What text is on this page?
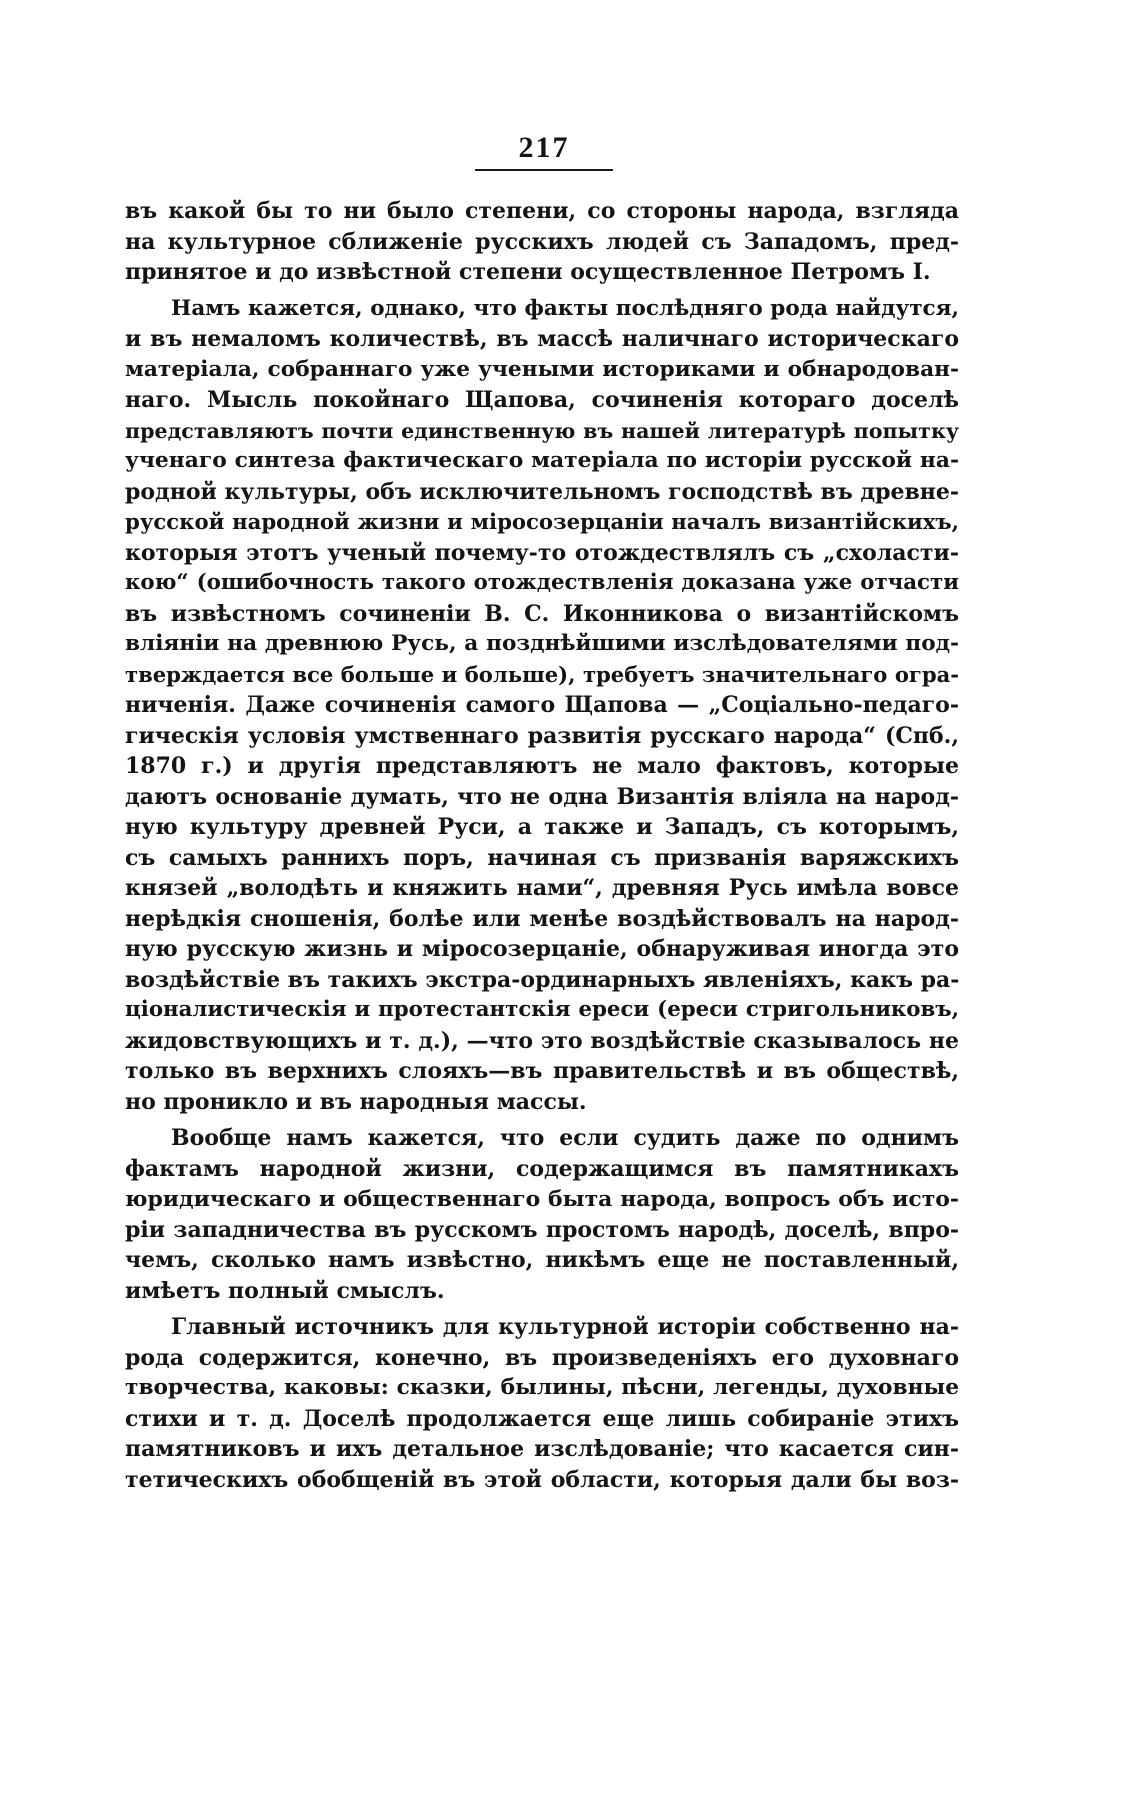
217
въ какой бы то ни было степени, со стороны народа, взгляда
на культурное сближеніе русскихъ людей съ Западомъ, пред-
принятое и до извѣстной степени осуществленное Петромъ I.
Намъ кажется, однако, что факты послѣдняго рода найдутся,
и въ немаломъ количествѣ, въ массѣ наличнаго историческаго
матеріала, собраннаго уже учеными историками и обнародован-
наго. Мысль покойнаго Щапова, сочиненія котораго доселѣ
представляютъ почти единственную въ нашей литературѣ попытку
ученаго синтеза фактическаго матеріала по исторіи русской на-
родной культуры, объ исключительномъ господствѣ въ древне-
русской народной жизни и міросозерцаніи началъ византійскихъ,
которыя этотъ ученый почему-то отождествлялъ съ „схоласти-
кою“ (ошибочность такого отождествленія доказана уже отчасти
въ извѣстномъ сочиненіи В. С. Иконникова о византійскомъ
вліяніи на древнюю Русь, а позднѣйшими изслѣдователями под-
тверждается все больше и больше), требуетъ значительнаго огра-
ниченія. Даже сочиненія самого Щапова — „Соціально-педаго-
гическія условія умственнаго развитія русскаго народа“ (Спб.,
1870 г.) и другія представляютъ не мало фактовъ, которые
даютъ основаніе думать, что не одна Византія вліяла на народ-
ную культуру древней Руси, а также и Западъ, съ которымъ,
съ самыхъ раннихъ поръ, начиная съ призванія варяжскихъ
князей „володѣть и княжить нами“, древняя Русь имѣла вовсе
нерѣдкія сношенія, болѣе или менѣе воздѣйствовалъ на народ-
ную русскую жизнь и міросозерцаніе, обнаруживая иногда это
воздѣйствіе въ такихъ экстра-ординарныхъ явленіяхъ, какъ ра-
ціоналистическія и протестантскія ереси (ереси стригольниковъ,
жидовствующихъ и т. д.), —что это воздѣйствіе сказывалось не
только въ верхнихъ слояхъ—въ правительствѣ и въ обществѣ,
но проникло и въ народныя массы.
Вообще намъ кажется, что если судить даже по однимъ
фактамъ народной жизни, содержащимся въ памятникахъ
юридическаго и общественнаго быта народа, вопросъ объ исто-
ріи западничества въ русскомъ простомъ народѣ, доселѣ, впро-
чемъ, сколько намъ извѣстно, никѣмъ еще не поставленный,
имѣетъ полный смыслъ.
Главный источникъ для культурной исторіи собственно на-
рода содержится, конечно, въ произведеніяхъ его духовнаго
творчества, каковы: сказки, былины, пѣсни, легенды, духовные
стихи и т. д. Доселѣ продолжается еще лишь собираніе этихъ
памятниковъ и ихъ детальное изслѣдованіе; что касается син-
тетическихъ обобщеній въ этой области, которыя дали бы воз-
